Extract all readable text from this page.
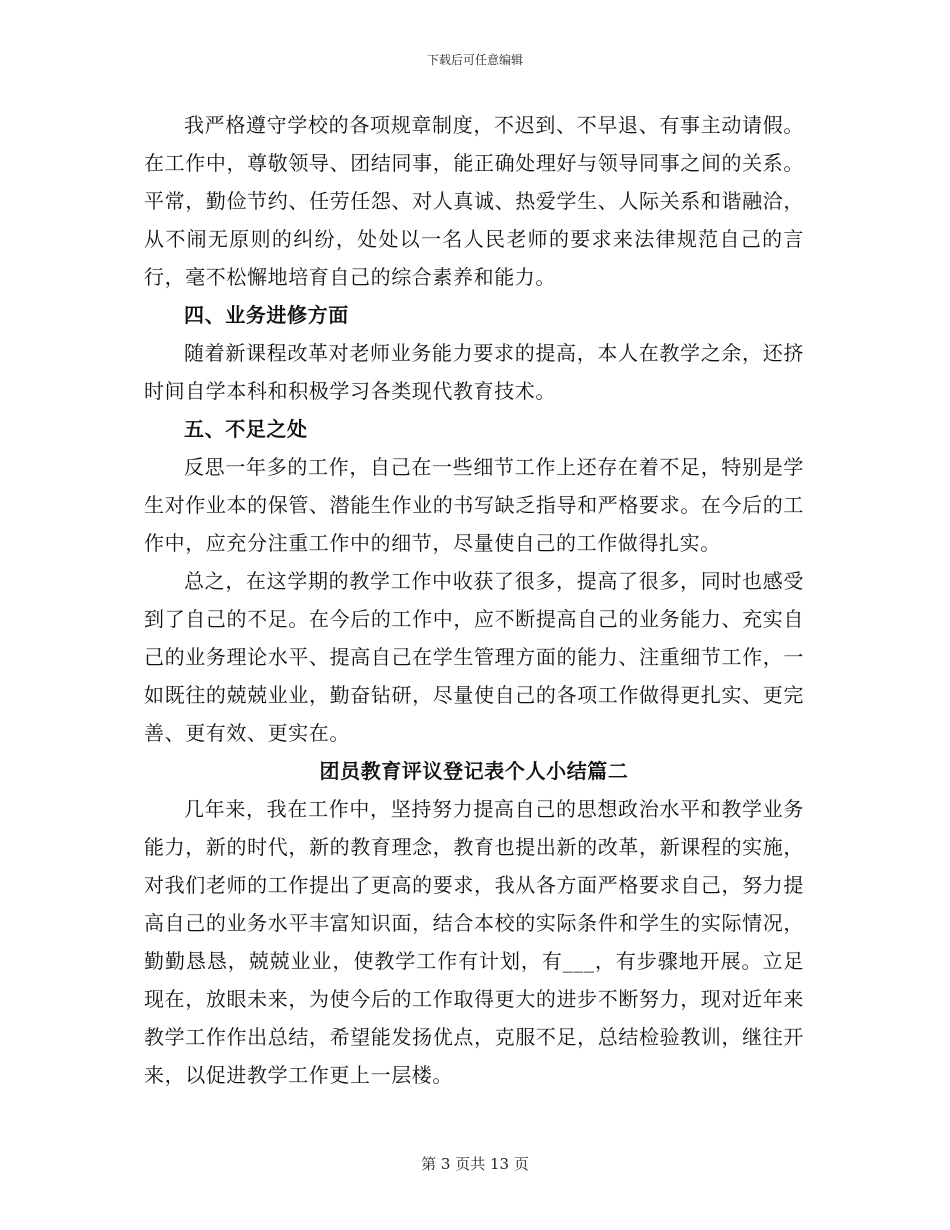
下载后可任意编辑

我严格遵守学校的各项规章制度，不迟到、不早退、有事主动请假。在工作中，尊敬领导、团结同事，能正确处理好与领导同事之间的关系。平常，勤俭节约、任劳任怨、对人真诚、热爱学生、人际关系和谐融洽，从不闹无原则的纠纷，处处以一名人民老师的要求来法律规范自己的言行，毫不松懈地培育自己的综合素养和能力。

四、业务进修方面

随着新课程改革对老师业务能力要求的提高，本人在教学之余，还挤时间自学本科和积极学习各类现代教育技术。

五、不足之处

反思一年多的工作，自己在一些细节工作上还存在着不足，特别是学生对作业本的保管、潜能生作业的书写缺乏指导和严格要求。在今后的工作中，应充分注重工作中的细节，尽量使自己的工作做得扎实。

总之，在这学期的教学工作中收获了很多，提高了很多，同时也感受到了自己的不足。在今后的工作中，应不断提高自己的业务能力、充实自己的业务理论水平、提高自己在学生管理方面的能力、注重细节工作，一如既往的兢兢业业，勤奋钻研，尽量使自己的各项工作做得更扎实、更完善、更有效、更实在。

团员教育评议登记表个人小结篇二

几年来，我在工作中，坚持努力提高自己的思想政治水平和教学业务能力，新的时代，新的教育理念，教育也提出新的改革，新课程的实施，对我们老师的工作提出了更高的要求，我从各方面严格要求自己，努力提高自己的业务水平丰富知识面，结合本校的实际条件和学生的实际情况，勤勤恳恳，兢兢业业，使教学工作有计划，有___，有步骤地开展。立足现在，放眼未来，为使今后的工作取得更大的进步不断努力，现对近年来教学工作作出总结，希望能发扬优点，克服不足，总结检验教训，继往开来，以促进教学工作更上一层楼。

第 3 页共 13 页
